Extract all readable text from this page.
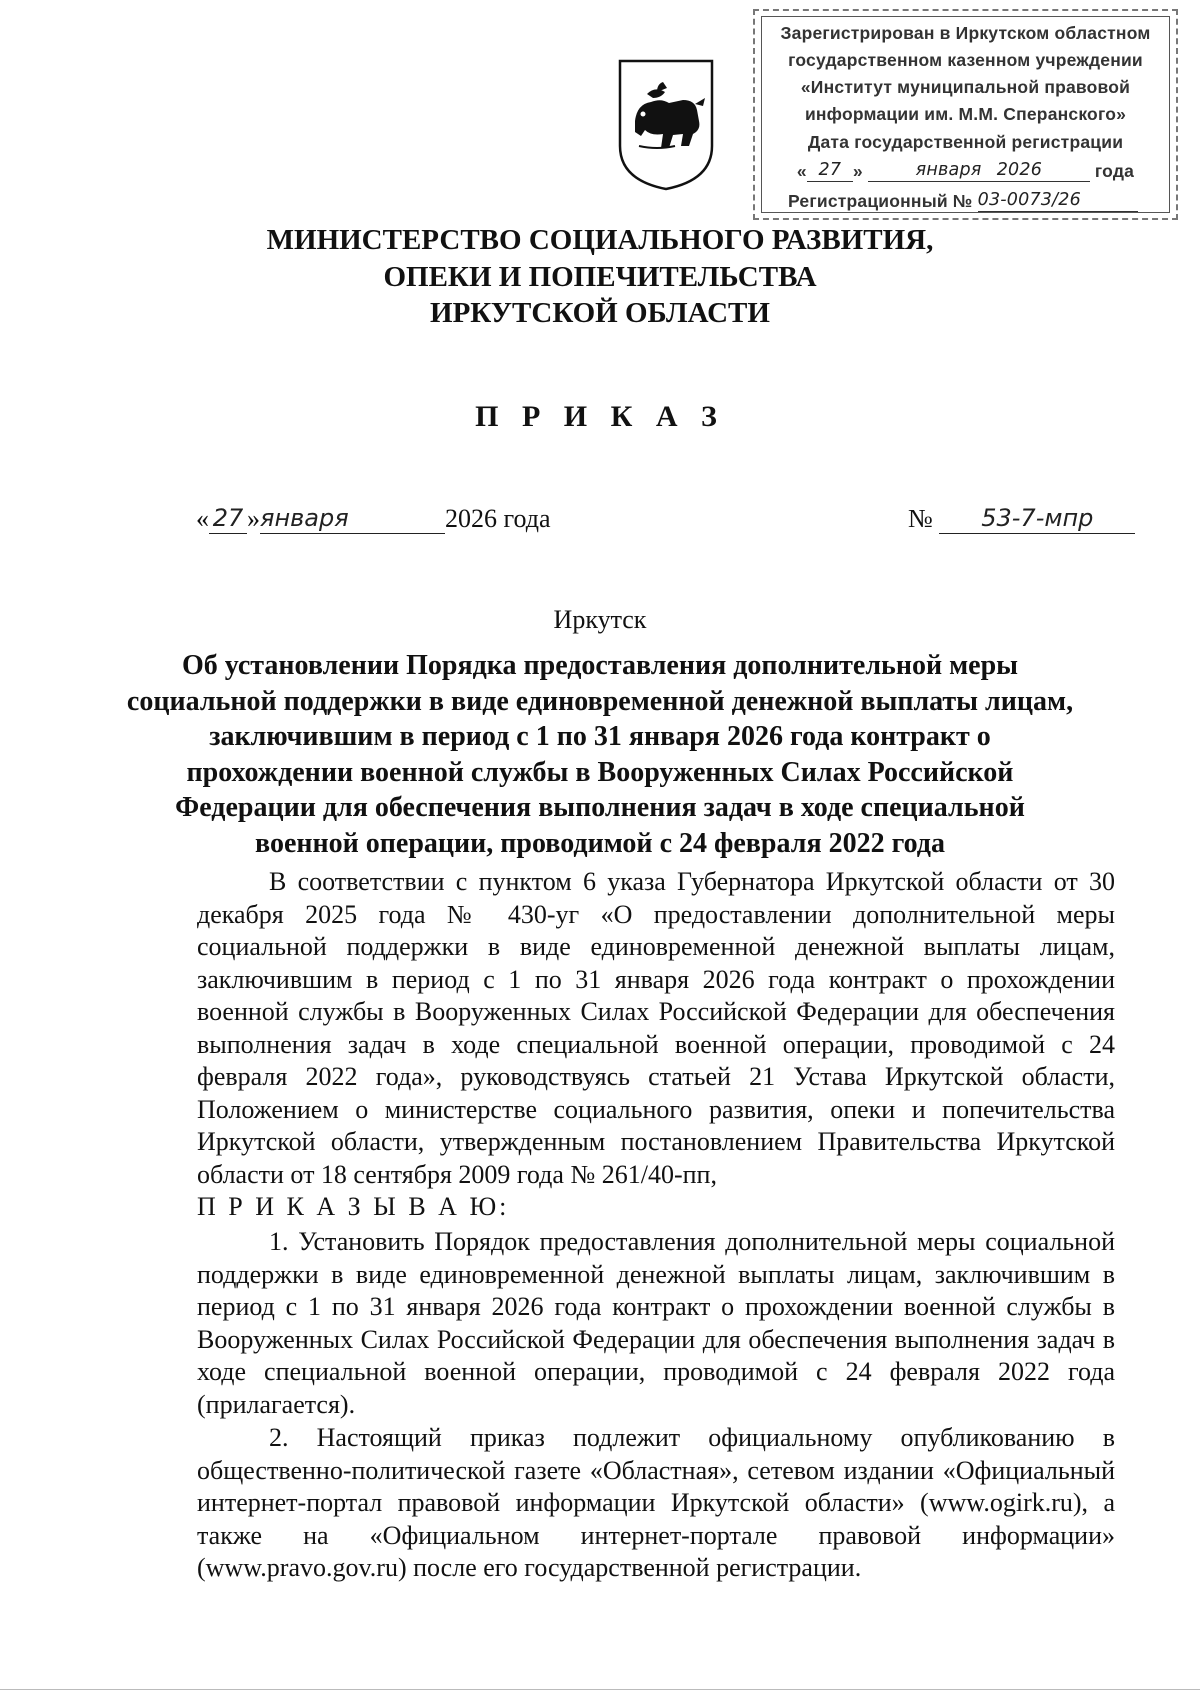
Зарегистрирован в Иркутском областном
государственном казенном учреждении
«Институт муниципальной правовой
информации им. М.М. Сперанского»
Дата государственной регистрации
« 27 »	января 2026	года
Регистрационный № 03-0073/26
МИНИСТЕРСТВО СОЦИАЛЬНОГО РАЗВИТИЯ,
ОПЕКИ И ПОПЕЧИТЕЛЬСТВА
ИРКУТСКОЙ ОБЛАСТИ
П Р И К А З
« 27 »января	2026 года	№ 53-7-мпр
Иркутск
Об установлении Порядка предоставления дополнительной меры
социальной поддержки в виде единовременной денежной выплаты лицам,
заключившим в период с 1 по 31 января 2026 года контракт о
прохождении военной службы в Вооруженных Силах Российской
Федерации для обеспечения выполнения задач в ходе специальной
военной операции, проводимой с 24 февраля 2022 года
В соответствии с пунктом 6 указа Губернатора Иркутской области от 30 декабря 2025 года № 430-уг «О предоставлении дополнительной меры социальной поддержки в виде единовременной денежной выплаты лицам, заключившим в период с 1 по 31 января 2026 года контракт о прохождении военной службы в Вооруженных Силах Российской Федерации для обеспечения выполнения задач в ходе специальной военной операции, проводимой с 24 февраля 2022 года», руководствуясь статьей 21 Устава Иркутской области, Положением о министерстве социального развития, опеки и попечительства Иркутской области, утвержденным постановлением Правительства Иркутской области от 18 сентября 2009 года № 261/40-пп,
П Р И К А З Ы В А Ю:
1. Установить Порядок предоставления дополнительной меры социальной поддержки в виде единовременной денежной выплаты лицам, заключившим в период с 1 по 31 января 2026 года контракт о прохождении военной службы в Вооруженных Силах Российской Федерации для обеспечения выполнения задач в ходе специальной военной операции, проводимой с 24 февраля 2022 года (прилагается).
2. Настоящий приказ подлежит официальному опубликованию в общественно-политической газете «Областная», сетевом издании «Официальный интернет-портал правовой информации Иркутской области» (www.ogirk.ru), а также на «Официальном интернет-портале правовой информации» (www.pravo.gov.ru) после его государственной регистрации.
